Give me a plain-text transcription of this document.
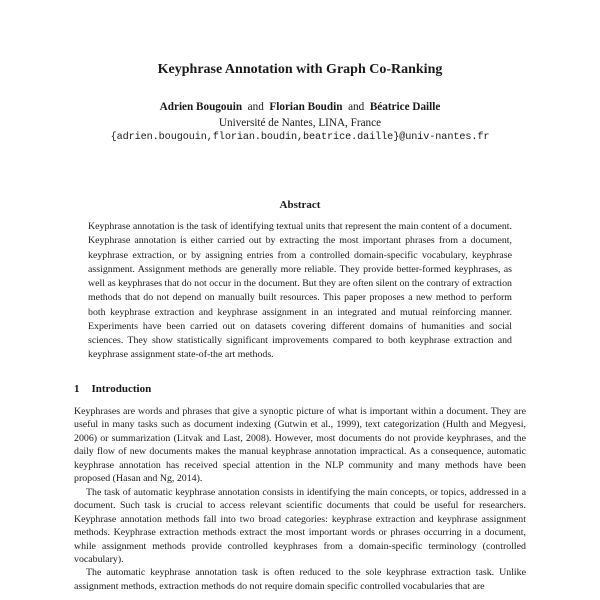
Keyphrase Annotation with Graph Co-Ranking
Adrien Bougouin and Florian Boudin and Béatrice Daille
Université de Nantes, LINA, France
{adrien.bougouin,florian.boudin,beatrice.daille}@univ-nantes.fr
Abstract
Keyphrase annotation is the task of identifying textual units that represent the main content of a document. Keyphrase annotation is either carried out by extracting the most important phrases from a document, keyphrase extraction, or by assigning entries from a controlled domain-specific vocabulary, keyphrase assignment. Assignment methods are generally more reliable. They provide better-formed keyphrases, as well as keyphrases that do not occur in the document. But they are often silent on the contrary of extraction methods that do not depend on manually built resources. This paper proposes a new method to perform both keyphrase extraction and keyphrase assignment in an integrated and mutual reinforcing manner. Experiments have been carried out on datasets covering different domains of humanities and social sciences. They show statistically significant improvements compared to both keyphrase extraction and keyphrase assignment state-of-the art methods.
1 Introduction

Keyphrases are words and phrases that give a synoptic picture of what is important within a document. They are useful in many tasks such as document indexing (Gutwin et al., 1999), text categorization (Hulth and Megyesi, 2006) or summarization (Litvak and Last, 2008). However, most documents do not provide keyphrases, and the daily flow of new documents makes the manual keyphrase annotation impractical. As a consequence, automatic keyphrase annotation has received special attention in the NLP community and many methods have been proposed (Hasan and Ng, 2014).

The task of automatic keyphrase annotation consists in identifying the main concepts, or topics, addressed in a document. Such task is crucial to access relevant scientific documents that could be useful for researchers. Keyphrase annotation methods fall into two broad categories: keyphrase extraction and keyphrase assignment methods. Keyphrase extraction methods extract the most important words or phrases occurring in a document, while assignment methods provide controlled keyphrases from a domain-specific terminology (controlled vocabulary).

The automatic keyphrase annotation task is often reduced to the sole keyphrase extraction task. Unlike assignment methods, extraction methods do not require domain specific controlled vocabularies that are
